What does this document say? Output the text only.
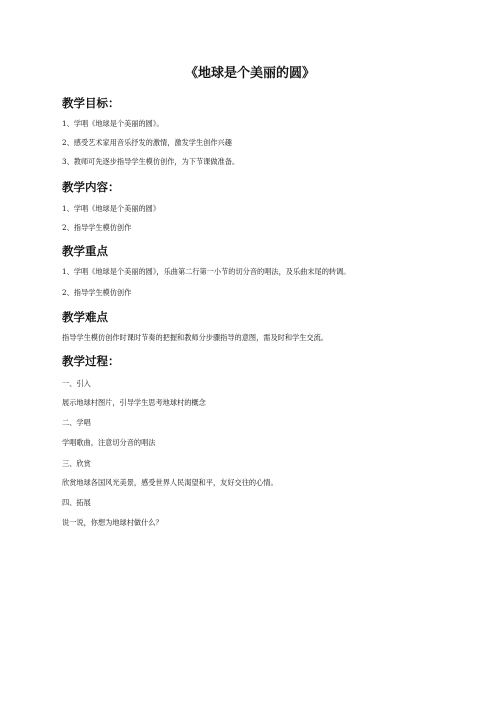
《地球是个美丽的圆》
教学目标：
1、学唱《地球是个美丽的圆》。
2、感受艺术家用音乐抒发的激情，激发学生创作兴趣
3、教师可先逐步指导学生模仿创作，为下节课做准备。
教学内容：
1、学唱《地球是个美丽的圆》
2、指导学生模仿创作
教学重点
1、学唱《地球是个美丽的圆》，乐曲第二行第一小节的切分音的唱法，及乐曲末尾的转调。
2、指导学生模仿创作
教学难点
指导学生模仿创作时课时节奏的把握和教师分步骤指导的意图，需及时和学生交流。
教学过程：
一、引入
展示地球村图片，引导学生思考地球村的概念
二、学唱
学唱歌曲，注意切分音的唱法
三、欣赏
欣赏地球各国风光美景，感受世界人民渴望和平，友好交往的心情。
四、拓展
说一说，你想为地球村做什么？
